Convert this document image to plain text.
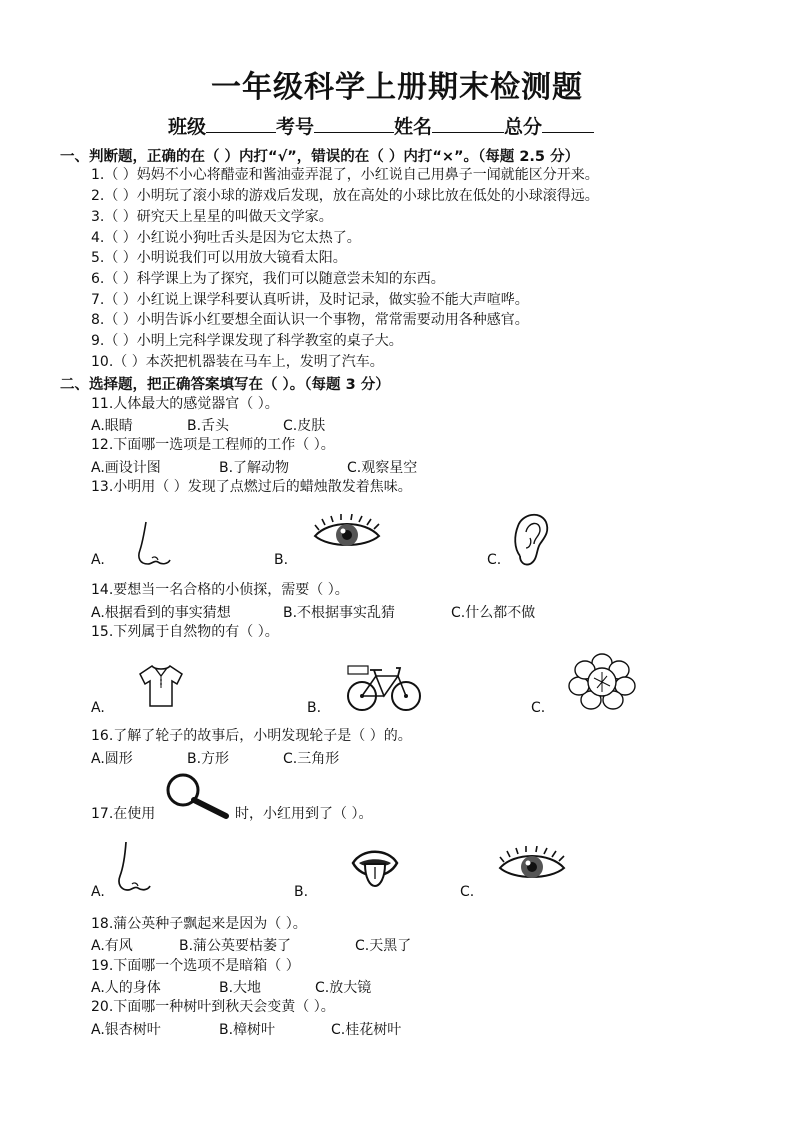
一年级科学上册期末检测题
班级	考号	姓名	总分
一、判断题，正确的在（ ）内打“√”，错误的在（ ）内打“×”。（每题 2.5 分）
1.（ ）妈妈不小心将醋壶和酱油壶弄混了，小红说自己用鼻子一闻就能区分开来。
2.（ ）小明玩了滚小球的游戏后发现，放在高处的小球比放在低处的小球滚得远。
3.（ ）研究天上星星的叫做天文学家。
4.（ ）小红说小狗吐舌头是因为它太热了。
5.（ ）小明说我们可以用放大镜看太阳。
6.（ ）科学课上为了探究，我们可以随意尝未知的东西。
7.（ ）小红说上课学科要认真听讲，及时记录，做实验不能大声喧哗。
8.（ ）小明告诉小红要想全面认识一个事物，常常需要动用各种感官。
9.（ ）小明上完科学课发现了科学教室的桌子大。
10.（ ）本茨把机器装在马车上，发明了汽车。
二、选择题，把正确答案填写在（ ）。（每题 3 分）
11.人体最大的感觉器官（ ）。
A.眼睛	B.舌头	C.皮肤
12.下面哪一选项是工程师的工作（ ）。
A.画设计图	B.了解动物	C.观察星空
13.小明用（ ）发现了点燃过后的蜡烛散发着焦味。
A.	B.	C.
14.要想当一名合格的小侦探，需要（ ）。
A.根据看到的事实猜想	B.不根据事实乱猜	C.什么都不做
15.下列属于自然物的有（ ）。
A.	B.	C.
16.了解了轮子的故事后，小明发现轮子是（ ）的。
A.圆形	B.方形	C.三角形
17.在使用	时，小红用到了（ ）。
A.	B.	C.
18.蒲公英种子飘起来是因为（ ）。
A.有风	B.蒲公英要枯萎了	C.天黑了
19.下面哪一个选项不是暗箱（ ）
A.人的身体	B.大地	C.放大镜
20.下面哪一种树叶到秋天会变黄（ ）。
A.银杏树叶	B.樟树叶	C.桂花树叶
